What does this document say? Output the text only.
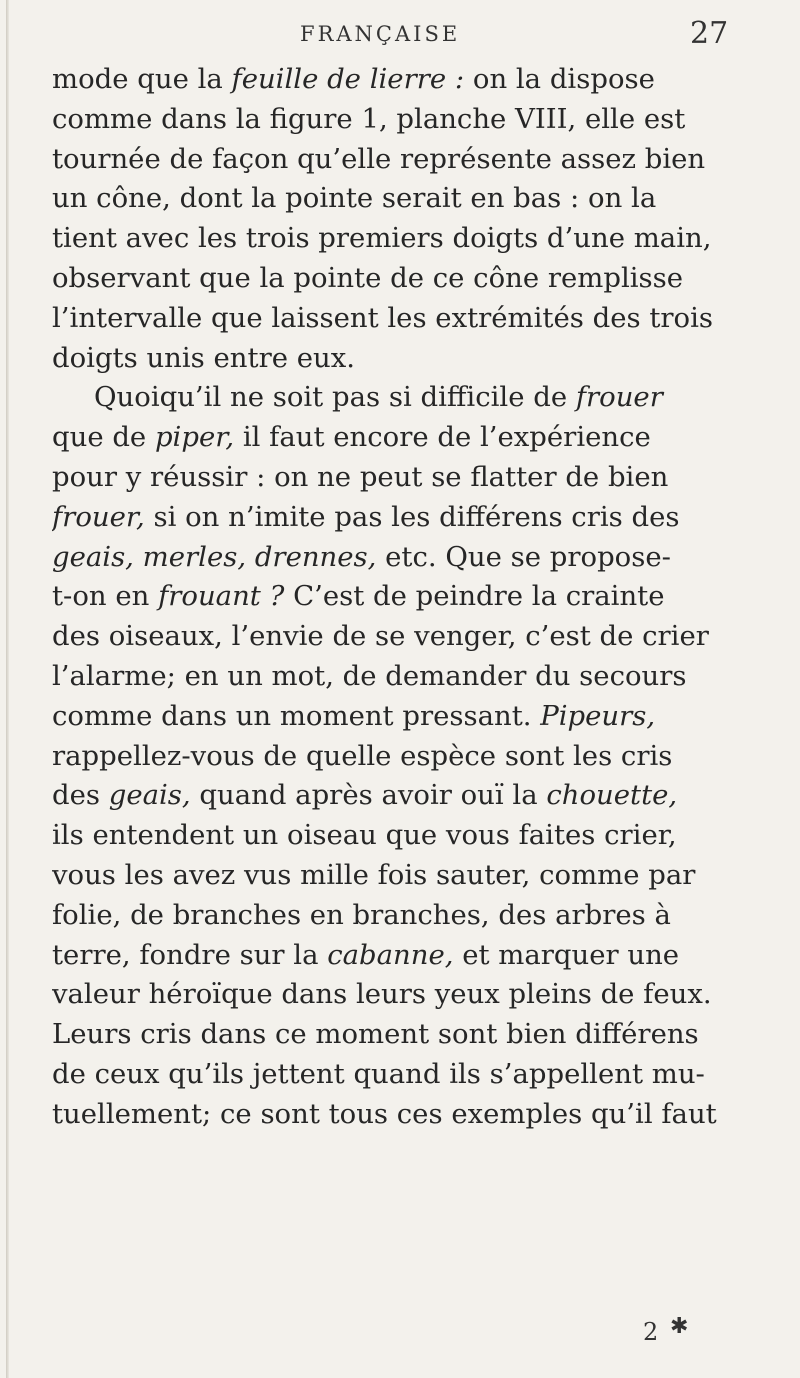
FRANÇAISE	27
mode que la feuille de lierre : on la dispose
comme dans la figure 1, planche VIII, elle est
tournée de façon qu’elle représente assez bien
un cône, dont la pointe serait en bas : on la
tient avec les trois premiers doigts d’une main,
observant que la pointe de ce cône remplisse
l’intervalle que laissent les extrémités des trois
doigts unis entre eux.
Quoiqu’il ne soit pas si difficile de frouer
que de piper, il faut encore de l’expérience
pour y réussir : on ne peut se flatter de bien
frouer, si on n’imite pas les différens cris des
geais, merles, drennes, etc. Que se propose-
t-on en frouant ? C’est de peindre la crainte
des oiseaux, l’envie de se venger, c’est de crier
l’alarme; en un mot, de demander du secours
comme dans un moment pressant. Pipeurs,
rappellez-vous de quelle espèce sont les cris
des geais, quand après avoir ouï la chouette,
ils entendent un oiseau que vous faites crier,
vous les avez vus mille fois sauter, comme par
folie, de branches en branches, des arbres à
terre, fondre sur la cabanne, et marquer une
valeur héroïque dans leurs yeux pleins de feux.
Leurs cris dans ce moment sont bien différens
de ceux qu’ils jettent quand ils s’appellent mu-
tuellement; ce sont tous ces exemples qu’il faut
2 ✱
